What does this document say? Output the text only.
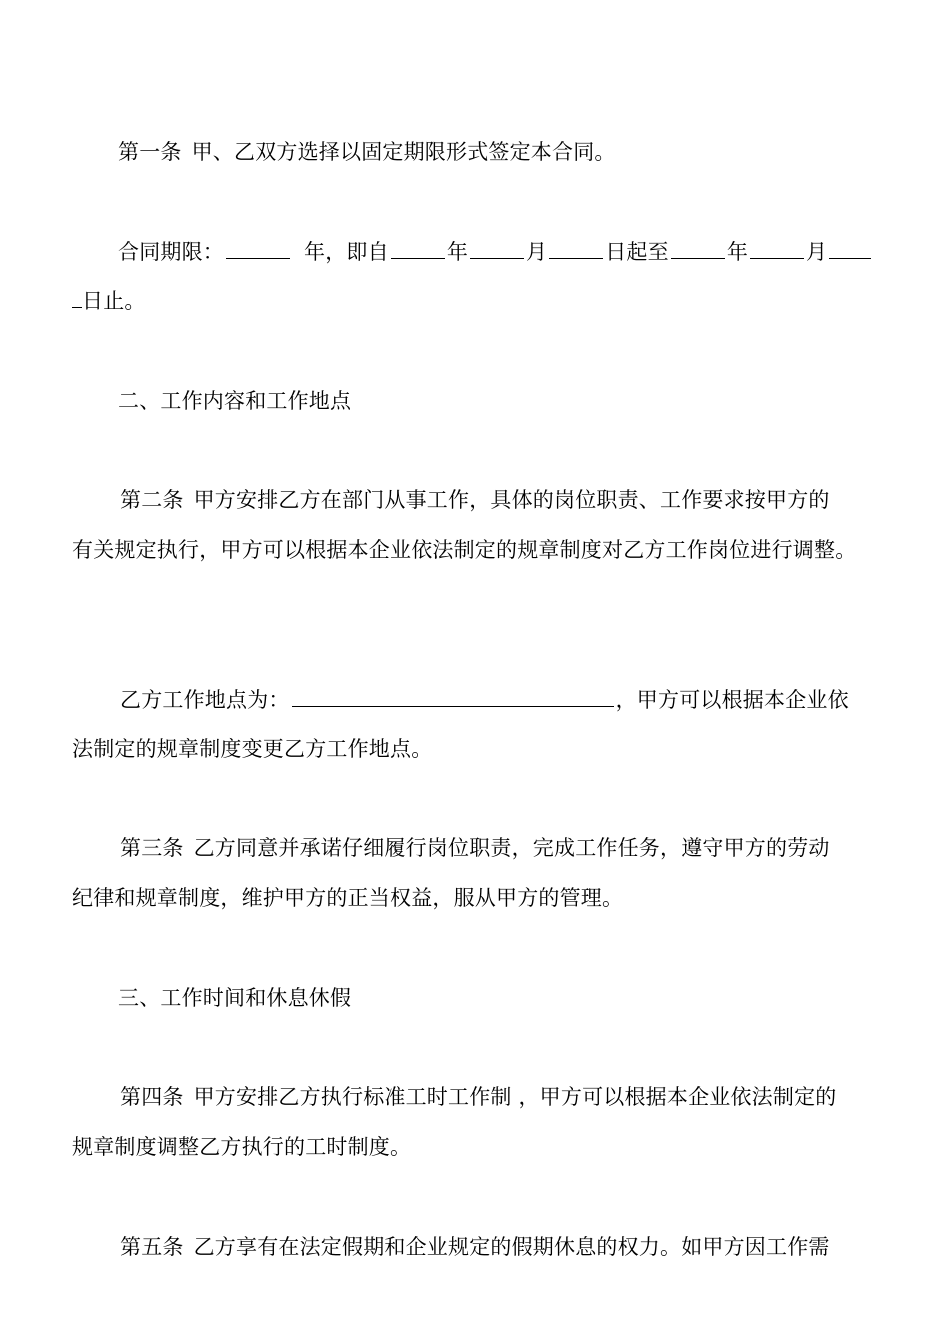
第一条 甲、乙双方选择以固定期限形式签定本合同。
合同期限：	年，即自	年	月	日起至	年	月
日止。
二、工作内容和工作地点
第二条 甲方安排乙方在部门从事工作，具体的岗位职责、工作要求按甲方的
有关规定执行，甲方可以根据本企业依法制定的规章制度对乙方工作岗位进行调整。
乙方工作地点为：	，甲方可以根据本企业依
法制定的规章制度变更乙方工作地点。
第三条 乙方同意并承诺仔细履行岗位职责，完成工作任务，遵守甲方的劳动
纪律和规章制度，维护甲方的正当权益，服从甲方的管理。
三、工作时间和休息休假
第四条 甲方安排乙方执行标准工时工作制 ，甲方可以根据本企业依法制定的
规章制度调整乙方执行的工时制度。
第五条 乙方享有在法定假期和企业规定的假期休息的权力。如甲方因工作需
